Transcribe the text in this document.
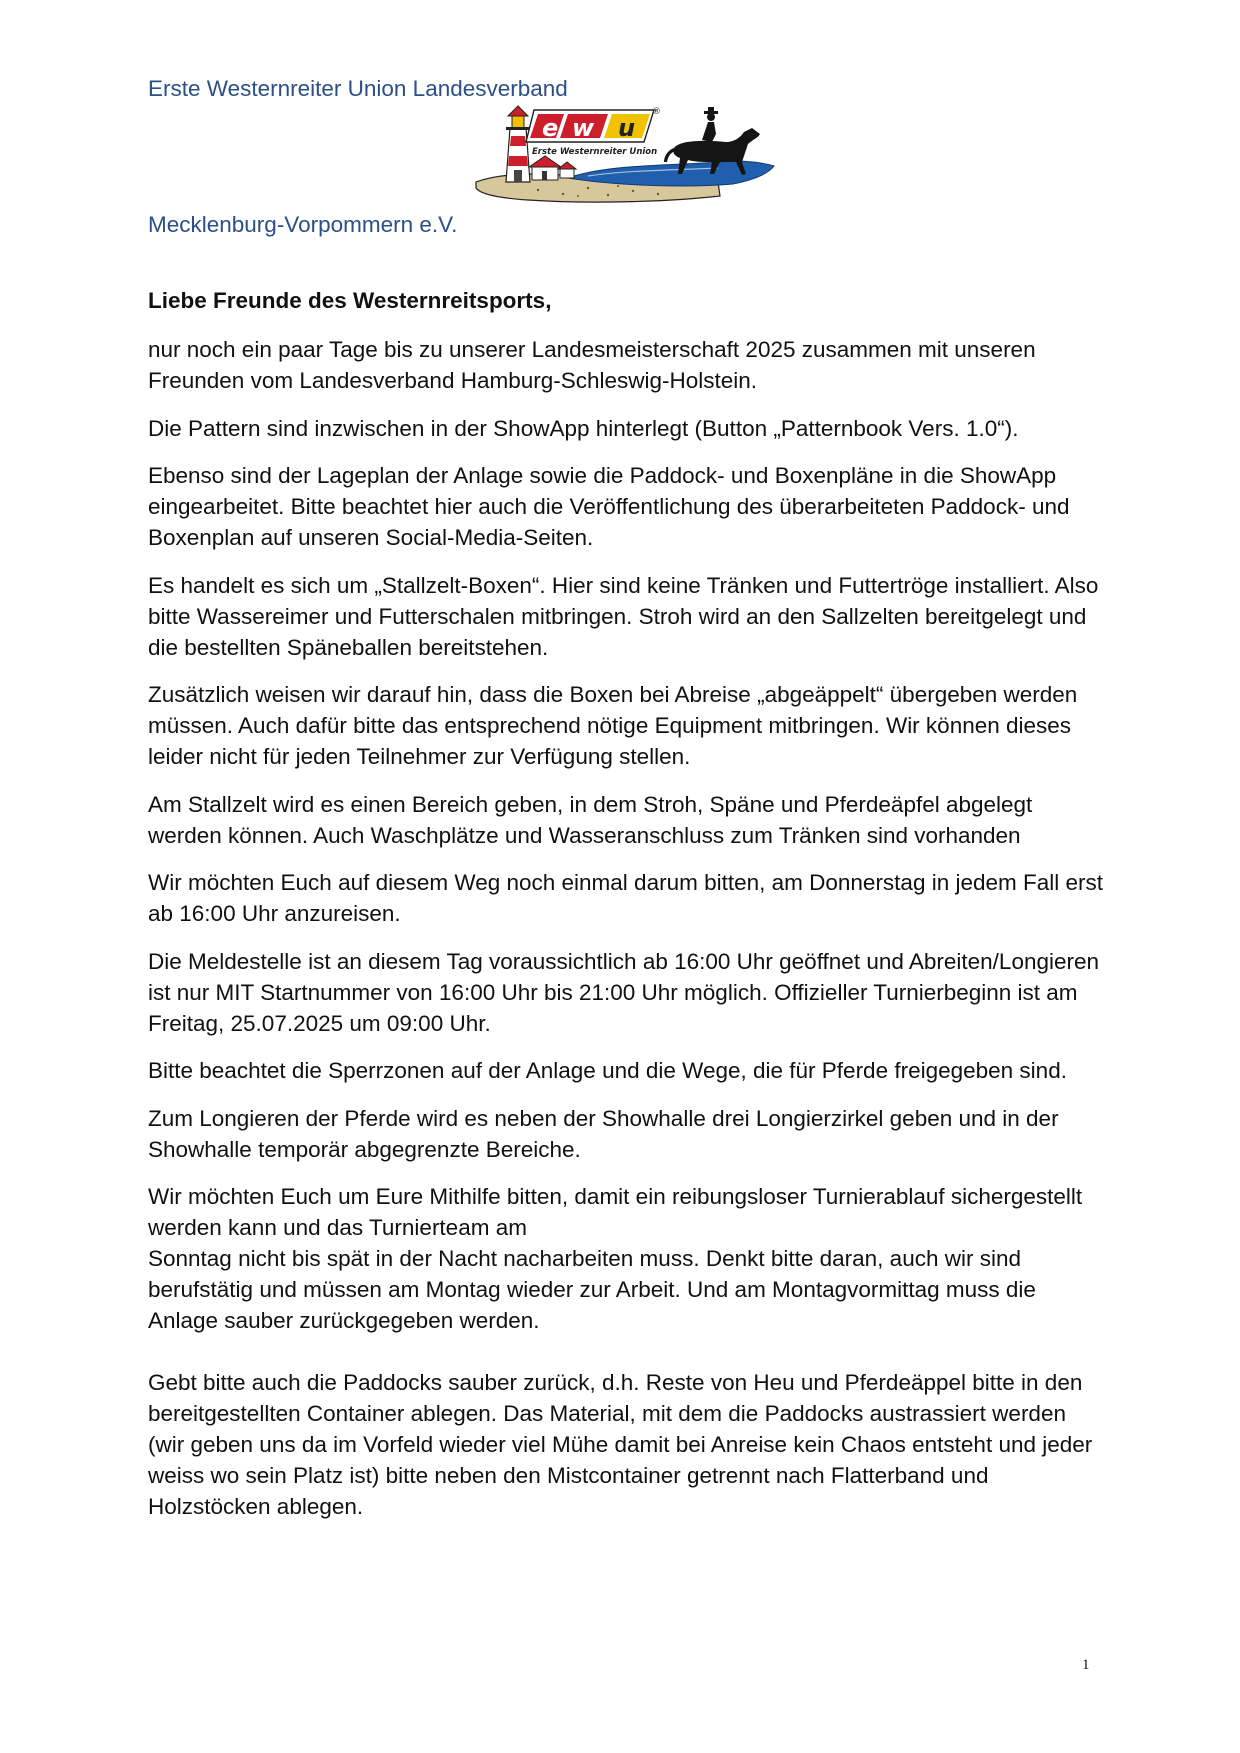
Erste Westernreiter Union Landesverband

e w u
®
Erste Westernreiter Union

Mecklenburg-Vorpommern e.V.

Liebe Freunde des Westernreitsports,

nur noch ein paar Tage bis zu unserer Landesmeisterschaft 2025 zusammen mit unseren Freunden vom Landesverband Hamburg-Schleswig-Holstein.

Die Pattern sind inzwischen in der ShowApp hinterlegt (Button „Patternbook Vers. 1.0“).

Ebenso sind der Lageplan der Anlage sowie die Paddock- und Boxenpläne in die ShowApp eingearbeitet. Bitte beachtet hier auch die Veröffentlichung des überarbeiteten Paddock- und Boxenplan auf unseren Social-Media-Seiten.

Es handelt es sich um „Stallzelt-Boxen“. Hier sind keine Tränken und Futtertröge installiert. Also bitte Wassereimer und Futterschalen mitbringen. Stroh wird an den Sallzelten bereitgelegt und die bestellten Späneballen bereitstehen.

Zusätzlich weisen wir darauf hin, dass die Boxen bei Abreise „abgeäppelt“ übergeben werden müssen. Auch dafür bitte das entsprechend nötige Equipment mitbringen. Wir können dieses leider nicht für jeden Teilnehmer zur Verfügung stellen.

Am Stallzelt wird es einen Bereich geben, in dem Stroh, Späne und Pferdeäpfel abgelegt werden können. Auch Waschplätze und Wasseranschluss zum Tränken sind vorhanden

Wir möchten Euch auf diesem Weg noch einmal darum bitten, am Donnerstag in jedem Fall erst ab 16:00 Uhr anzureisen.

Die Meldestelle ist an diesem Tag voraussichtlich ab 16:00 Uhr geöffnet und Abreiten/Longieren ist nur MIT Startnummer von 16:00 Uhr bis 21:00 Uhr möglich. Offizieller Turnierbeginn ist am Freitag, 25.07.2025 um 09:00 Uhr.

Bitte beachtet die Sperrzonen auf der Anlage und die Wege, die für Pferde freigegeben sind.

Zum Longieren der Pferde wird es neben der Showhalle drei Longierzirkel geben und in der Showhalle temporär abgegrenzte Bereiche.

Wir möchten Euch um Eure Mithilfe bitten, damit ein reibungsloser Turnierablauf sichergestellt werden kann und das Turnierteam am
Sonntag nicht bis spät in der Nacht nacharbeiten muss. Denkt bitte daran, auch wir sind berufstätig und müssen am Montag wieder zur Arbeit. Und am Montagvormittag muss die Anlage sauber zurückgegeben werden.

Gebt bitte auch die Paddocks sauber zurück, d.h. Reste von Heu und Pferdeäppel bitte in den bereitgestellten Container ablegen. Das Material, mit dem die Paddocks austrassiert werden (wir geben uns da im Vorfeld wieder viel Mühe damit bei Anreise kein Chaos entsteht und jeder weiss wo sein Platz ist) bitte neben den Mistcontainer getrennt nach Flatterband und Holzstöcken ablegen.

1
